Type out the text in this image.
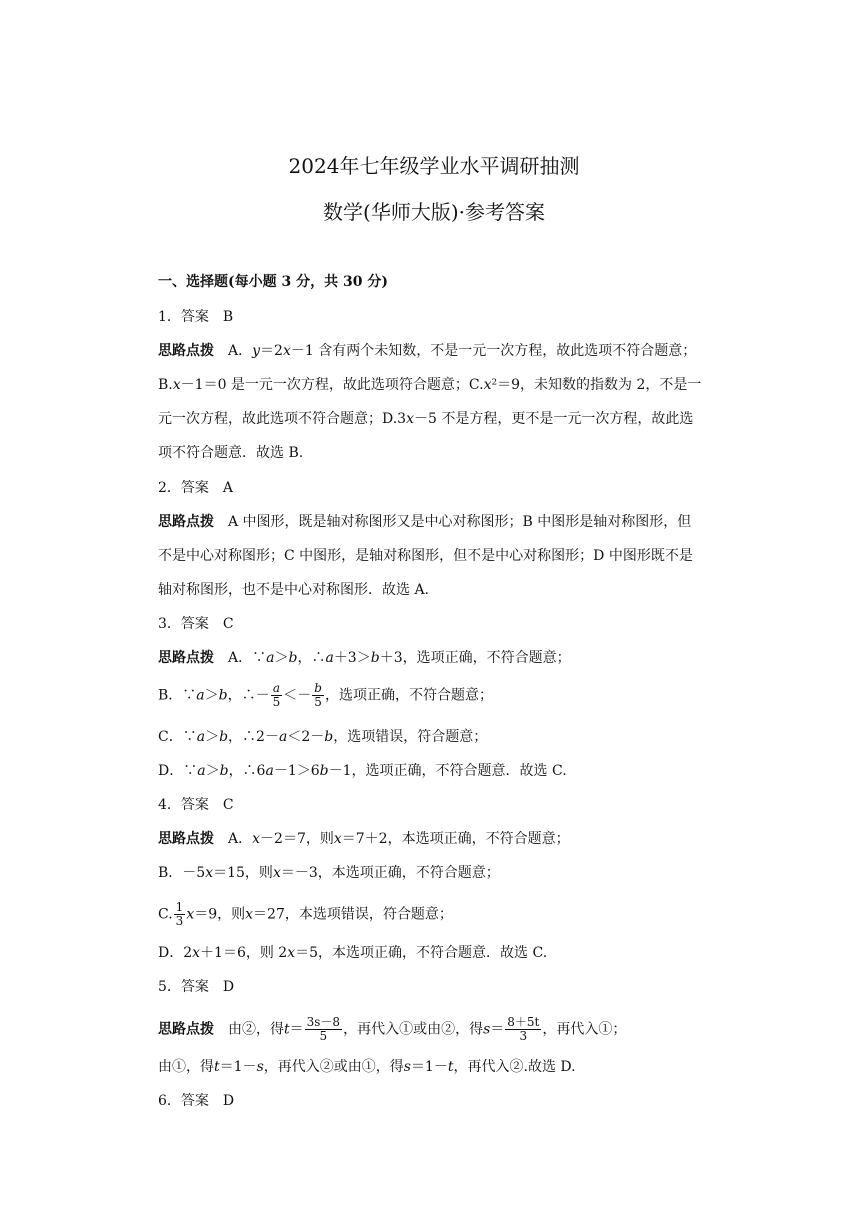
2024年七年级学业水平调研抽测
数学(华师大版)·参考答案
一、选择题(每小题 3 分，共 30 分)
1．答案　B
思路点拨　A．y＝2x－1 含有两个未知数，不是一元一次方程，故此选项不符合题意；
B.x－1＝0 是一元一次方程，故此选项符合题意；C.x²＝9，未知数的指数为 2，不是一
元一次方程，故此选项不符合题意；D.3x－5 不是方程，更不是一元一次方程，故此选
项不符合题意．故选 B.
2．答案　A
思路点拨　A 中图形，既是轴对称图形又是中心对称图形；B 中图形是轴对称图形，但
不是中心对称图形；C 中图形，是轴对称图形，但不是中心对称图形；D 中图形既不是
轴对称图形，也不是中心对称图形．故选 A.
3．答案　C
思路点拨　A．∵a＞b，∴a＋3＞b＋3，选项正确，不符合题意；
B．∵a＞b，∴－ $\frac{a}{5} <- \frac{b}{5}$ ，选项正确，不符合题意；
C．∵a＞b，∴2－a＜2－b，选项错误，符合题意；
D．∵a＞b，∴6a－1＞6b－1，选项正确，不符合题意．故选 C.
4．答案　C
思路点拨　A．x－2＝7，则x＝7＋2，本选项正确，不符合题意；
B．－5x＝15，则x＝－3，本选项正确，不符合题意；
C. $\frac{1}{3} x=9$，则x＝27，本选项错误，符合题意；
D．2x＋1＝6，则 2x＝5，本选项正确，不符合题意．故选 C.
5．答案　D
思路点拨　由②，得$t= \frac{3s-8}{5}$ ，再代入①或由②，得$s= \frac{8+5t}{3}$ ，再代入①；
由①，得t＝1－s，再代入②或由①，得s＝1－t，再代入②.故选 D.
6．答案　D
